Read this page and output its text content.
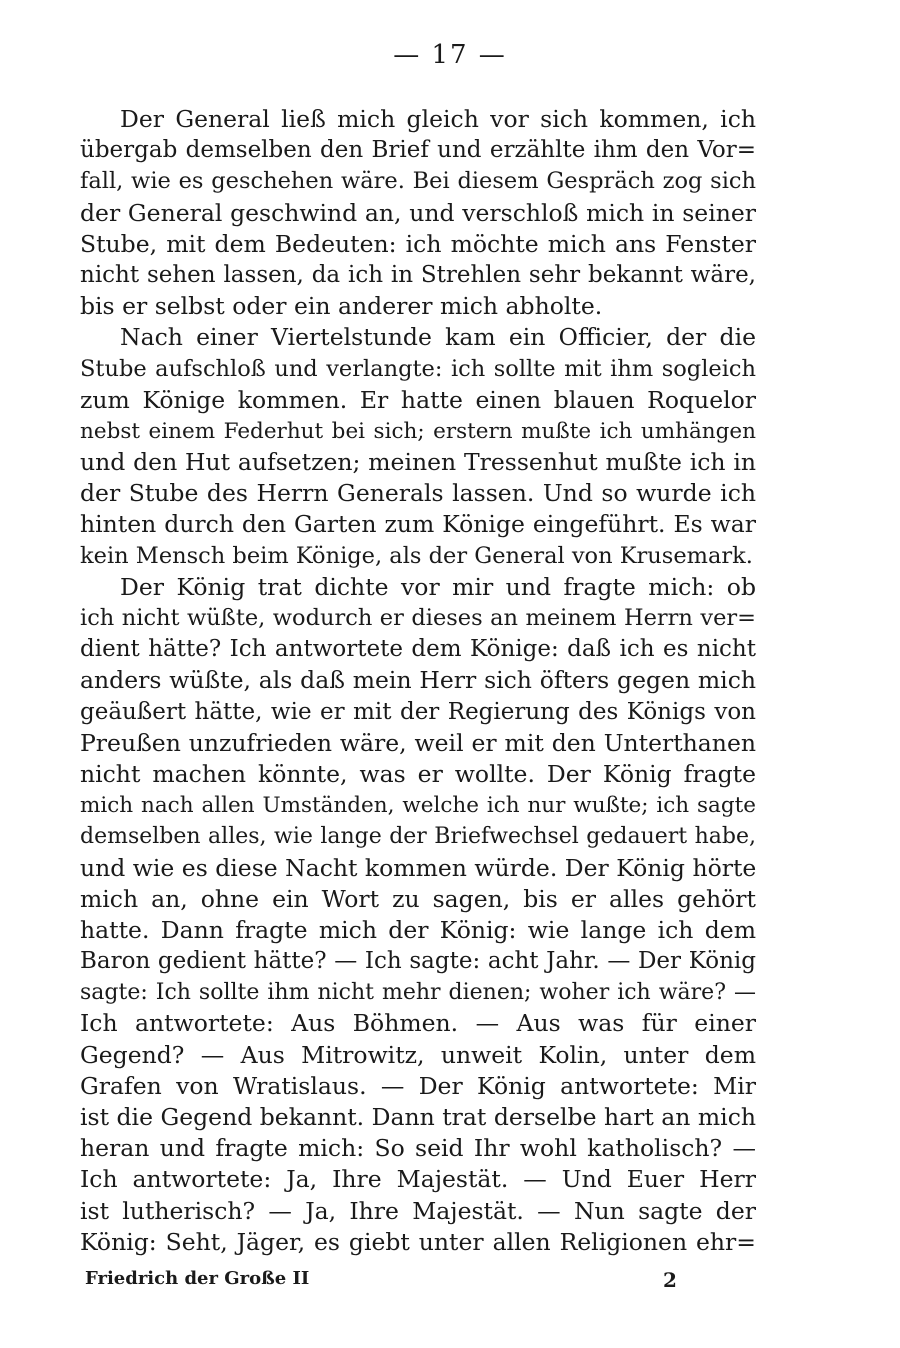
— 17 —
Der General ließ mich gleich vor sich kommen, ich
übergab demselben den Brief und erzählte ihm den Vor=
fall, wie es geschehen wäre. Bei diesem Gespräch zog sich
der General geschwind an, und verschloß mich in seiner
Stube, mit dem Bedeuten: ich möchte mich ans Fenster
nicht sehen lassen, da ich in Strehlen sehr bekannt wäre,
bis er selbst oder ein anderer mich abholte.
Nach einer Viertelstunde kam ein Officier, der die
Stube aufschloß und verlangte: ich sollte mit ihm sogleich
zum Könige kommen. Er hatte einen blauen Roquelor
nebst einem Federhut bei sich; erstern mußte ich umhängen
und den Hut aufsetzen; meinen Tressenhut mußte ich in
der Stube des Herrn Generals lassen. Und so wurde ich
hinten durch den Garten zum Könige eingeführt. Es war
kein Mensch beim Könige, als der General von Krusemark.
Der König trat dichte vor mir und fragte mich: ob
ich nicht wüßte, wodurch er dieses an meinem Herrn ver=
dient hätte? Ich antwortete dem Könige: daß ich es nicht
anders wüßte, als daß mein Herr sich öfters gegen mich
geäußert hätte, wie er mit der Regierung des Königs von
Preußen unzufrieden wäre, weil er mit den Unterthanen
nicht machen könnte, was er wollte. Der König fragte
mich nach allen Umständen, welche ich nur wußte; ich sagte
demselben alles, wie lange der Briefwechsel gedauert habe,
und wie es diese Nacht kommen würde. Der König hörte
mich an, ohne ein Wort zu sagen, bis er alles gehört
hatte. Dann fragte mich der König: wie lange ich dem
Baron gedient hätte? — Ich sagte: acht Jahr. — Der König
sagte: Ich sollte ihm nicht mehr dienen; woher ich wäre? —
Ich antwortete: Aus Böhmen. — Aus was für einer
Gegend? — Aus Mitrowitz, unweit Kolin, unter dem
Grafen von Wratislaus. — Der König antwortete: Mir
ist die Gegend bekannt. Dann trat derselbe hart an mich
heran und fragte mich: So seid Ihr wohl katholisch? —
Ich antwortete: Ja, Ihre Majestät. — Und Euer Herr
ist lutherisch? — Ja, Ihre Majestät. — Nun sagte der
König: Seht, Jäger, es giebt unter allen Religionen ehr=
Friedrich der Große II	2
